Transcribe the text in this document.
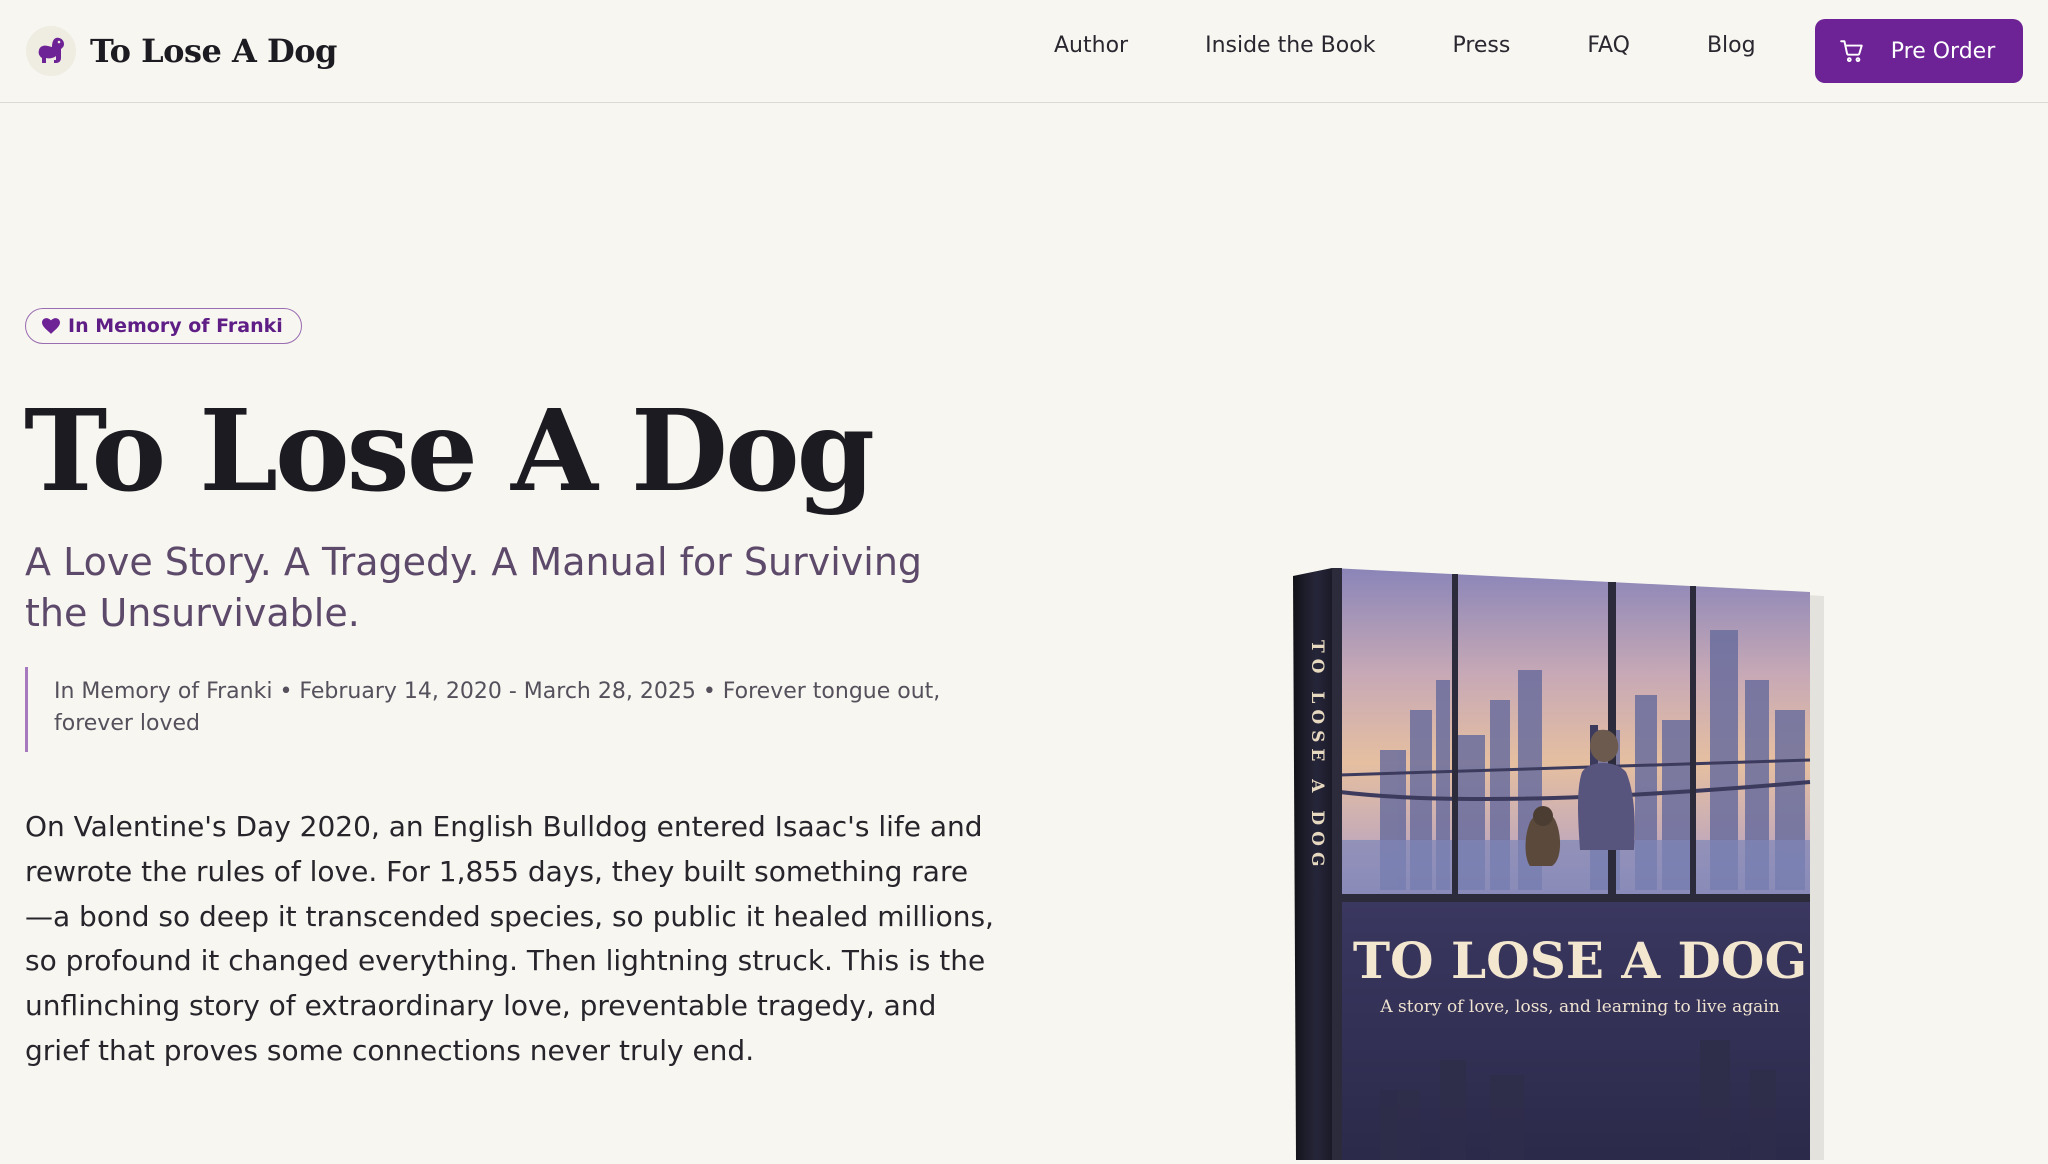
To Lose A Dog	Author	Inside the Book	Press	FAQ	Blog	Pre Order
In Memory of Franki
To Lose A Dog
A Love Story. A Tragedy. A Manual for Surviving the Unsurvivable.
In Memory of Franki • February 14, 2020 - March 28, 2025 • Forever tongue out, forever loved

On Valentine's Day 2020, an English Bulldog entered Isaac's life and rewrote the rules of love. For 1,855 days, they built something rare—a bond so deep it transcended species, so public it healed millions, so profound it changed everything. Then lightning struck. This is the unflinching story of extraordinary love, preventable tragedy, and grief that proves some connections never truly end.

TO LOSE A DOG
A story of love, loss, and learning to live again
TO LOSE A DOG
